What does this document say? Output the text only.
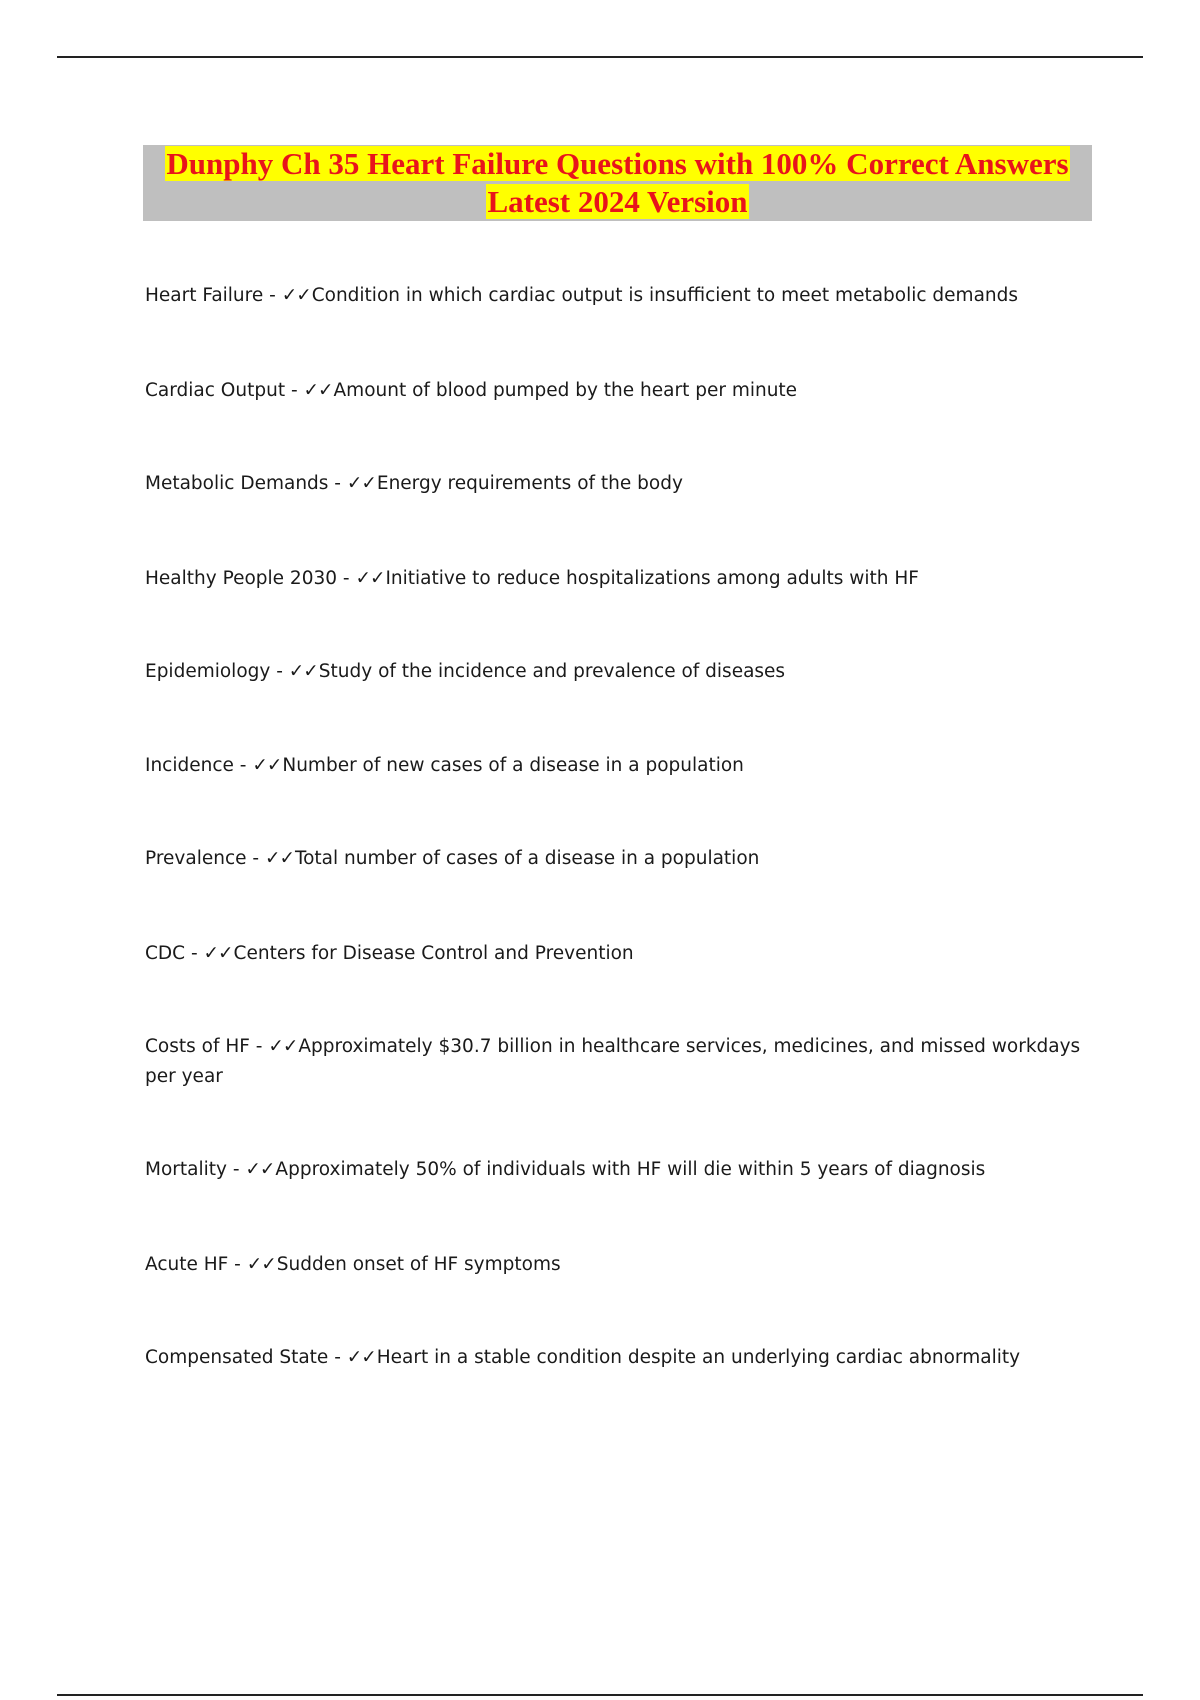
Dunphy Ch 35 Heart Failure Questions with 100% Correct Answers
Latest 2024 Version
Heart Failure - ✓✓Condition in which cardiac output is insufficient to meet metabolic demands
Cardiac Output - ✓✓Amount of blood pumped by the heart per minute
Metabolic Demands - ✓✓Energy requirements of the body
Healthy People 2030 - ✓✓Initiative to reduce hospitalizations among adults with HF
Epidemiology - ✓✓Study of the incidence and prevalence of diseases
Incidence - ✓✓Number of new cases of a disease in a population
Prevalence - ✓✓Total number of cases of a disease in a population
CDC - ✓✓Centers for Disease Control and Prevention
Costs of HF - ✓✓Approximately $30.7 billion in healthcare services, medicines, and missed workdays per year
Mortality - ✓✓Approximately 50% of individuals with HF will die within 5 years of diagnosis
Acute HF - ✓✓Sudden onset of HF symptoms
Compensated State - ✓✓Heart in a stable condition despite an underlying cardiac abnormality
